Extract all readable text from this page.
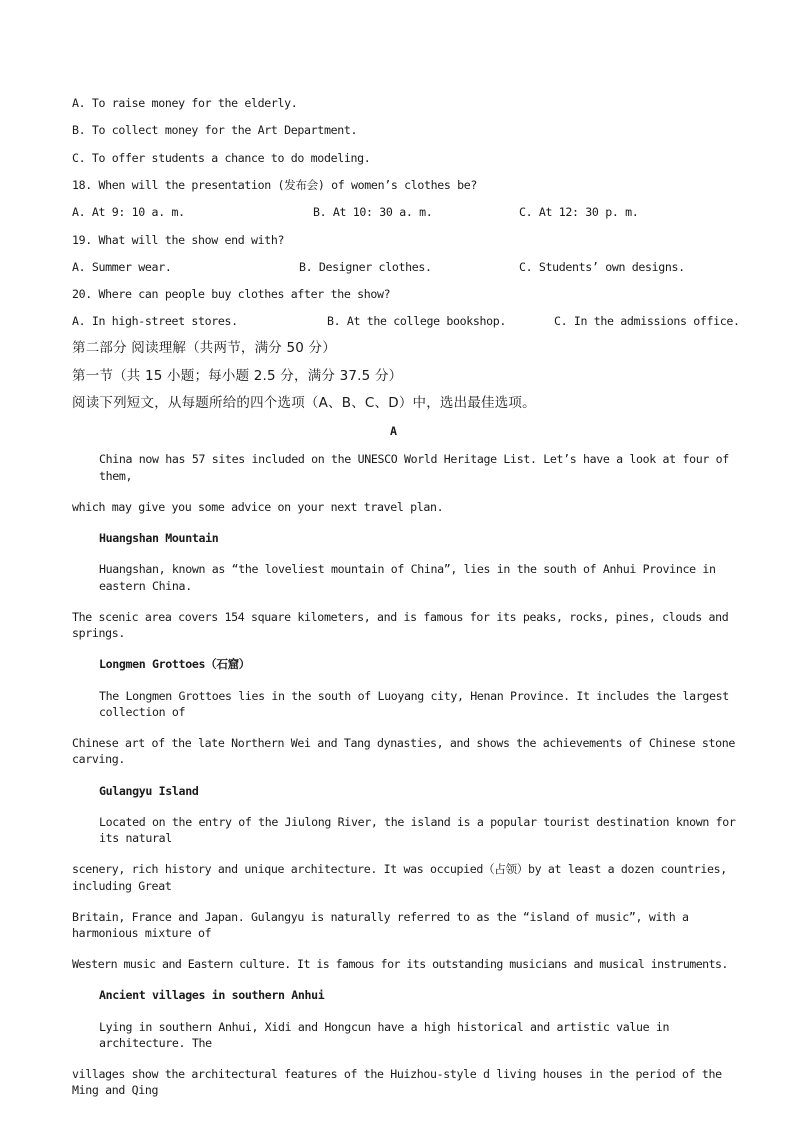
A. To raise money for the elderly.
B. To collect money for the Art Department.
C. To offer students a chance to do modeling.
18. When will the presentation (发布会) of women’s clothes be?
A. At 9: 10 a. m.	B. At 10: 30 a. m.	C. At 12: 30 p. m.
19. What will the show end with?
A. Summer wear.	B. Designer clothes.	C. Students’ own designs.
20. Where can people buy clothes after the show?
A. In high-street stores.	B. At the college bookshop.	C. In the admissions office.
第二部分 阅读理解（共两节，满分 50 分）
第一节（共 15 小题；每小题 2.5 分，满分 37.5 分）
阅读下列短文，从每题所给的四个选项（A、B、C、D）中，选出最佳选项。
A
China now has 57 sites included on the UNESCO World Heritage List. Let’s have a look at four of
them,
which may give you some advice on your next travel plan.
Huangshan Mountain
Huangshan, known as “the loveliest mountain of China”, lies in the south of Anhui Province in
eastern China.
The scenic area covers 154 square kilometers, and is famous for its peaks, rocks, pines, clouds and
springs.
Longmen Grottoes（石窟）
The Longmen Grottoes lies in the south of Luoyang city, Henan Province. It includes the largest
collection of
Chinese art of the late Northern Wei and Tang dynasties, and shows the achievements of Chinese stone
carving.
Gulangyu Island
Located on the entry of the Jiulong River, the island is a popular tourist destination known for
its natural
scenery, rich history and unique architecture. It was occupied（占领）by at least a dozen countries,
including Great
Britain, France and Japan. Gulangyu is naturally referred to as the “island of music”, with a
harmonious mixture of
Western music and Eastern culture. It is famous for its outstanding musicians and musical instruments.
Ancient villages in southern Anhui
Lying in southern Anhui, Xidi and Hongcun have a high historical and artistic value in
architecture. The
villages show the architectural features of the Huizhou-style d living houses in the period of the
Ming and Qing
